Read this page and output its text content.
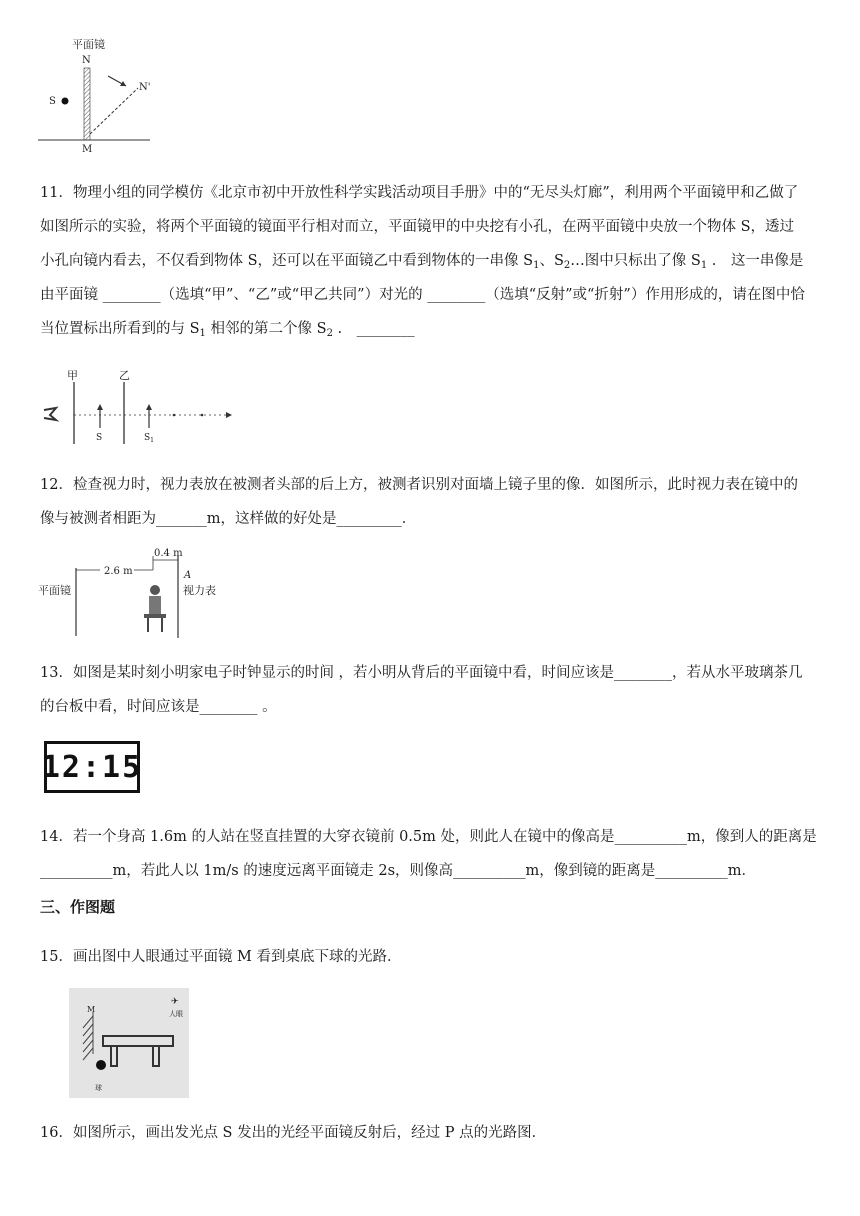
平面镜
N
N'
S
M

11．物理小组的同学模仿《北京市初中开放性科学实践活动项目手册》中的“无尽头灯廊”，利用两个平面镜甲和乙做了

如图所示的实验，将两个平面镜的镜面平行相对而立，平面镜甲的中央挖有小孔，在两平面镜中央放一个物体 S，透过

小孔向镜内看去，不仅看到物体 S，还可以在平面镜乙中看到物体的一串像 $S_1$、$S_2\dots$图中只标出了像 $S_1$ .　这一串像是

由平面镜 ________（选填“甲”、“乙”或“甲乙共同”）对光的 ________（选填“反射”或“折射”）作用形成的，请在图中恰

当位置标出所看到的与 $S_1$ 相邻的第二个像 $S_2$ .　________

甲	乙
S	$S_1$

12．检查视力时，视力表放在被测者头部的后上方，被测者识别对面墙上镜子里的像．如图所示，此时视力表在镜中的

像与被测者相距为_______m，这样做的好处是_________．

2.6 m
0.4 m
平面镜	视力表
A

13．如图是某时刻小明家电子时钟显示的时间 ，若小明从背后的平面镜中看，时间应该是________，若从水平玻璃茶几

的台板中看，时间应该是________ 。

12:15

14．若一个身高 1.6m 的人站在竖直挂置的大穿衣镜前 0.5m 处，则此人在镜中的像高是__________m，像到人的距离是

__________m，若此人以 1m/s 的速度远离平面镜走 2s，则像高__________m，像到镜的距离是__________m．

三、作图题

15．画出图中人眼通过平面镜 M 看到桌底下球的光路．

M
✈
人眼
球

16．如图所示，画出发光点 S 发出的光经平面镜反射后，经过 P 点的光路图．
